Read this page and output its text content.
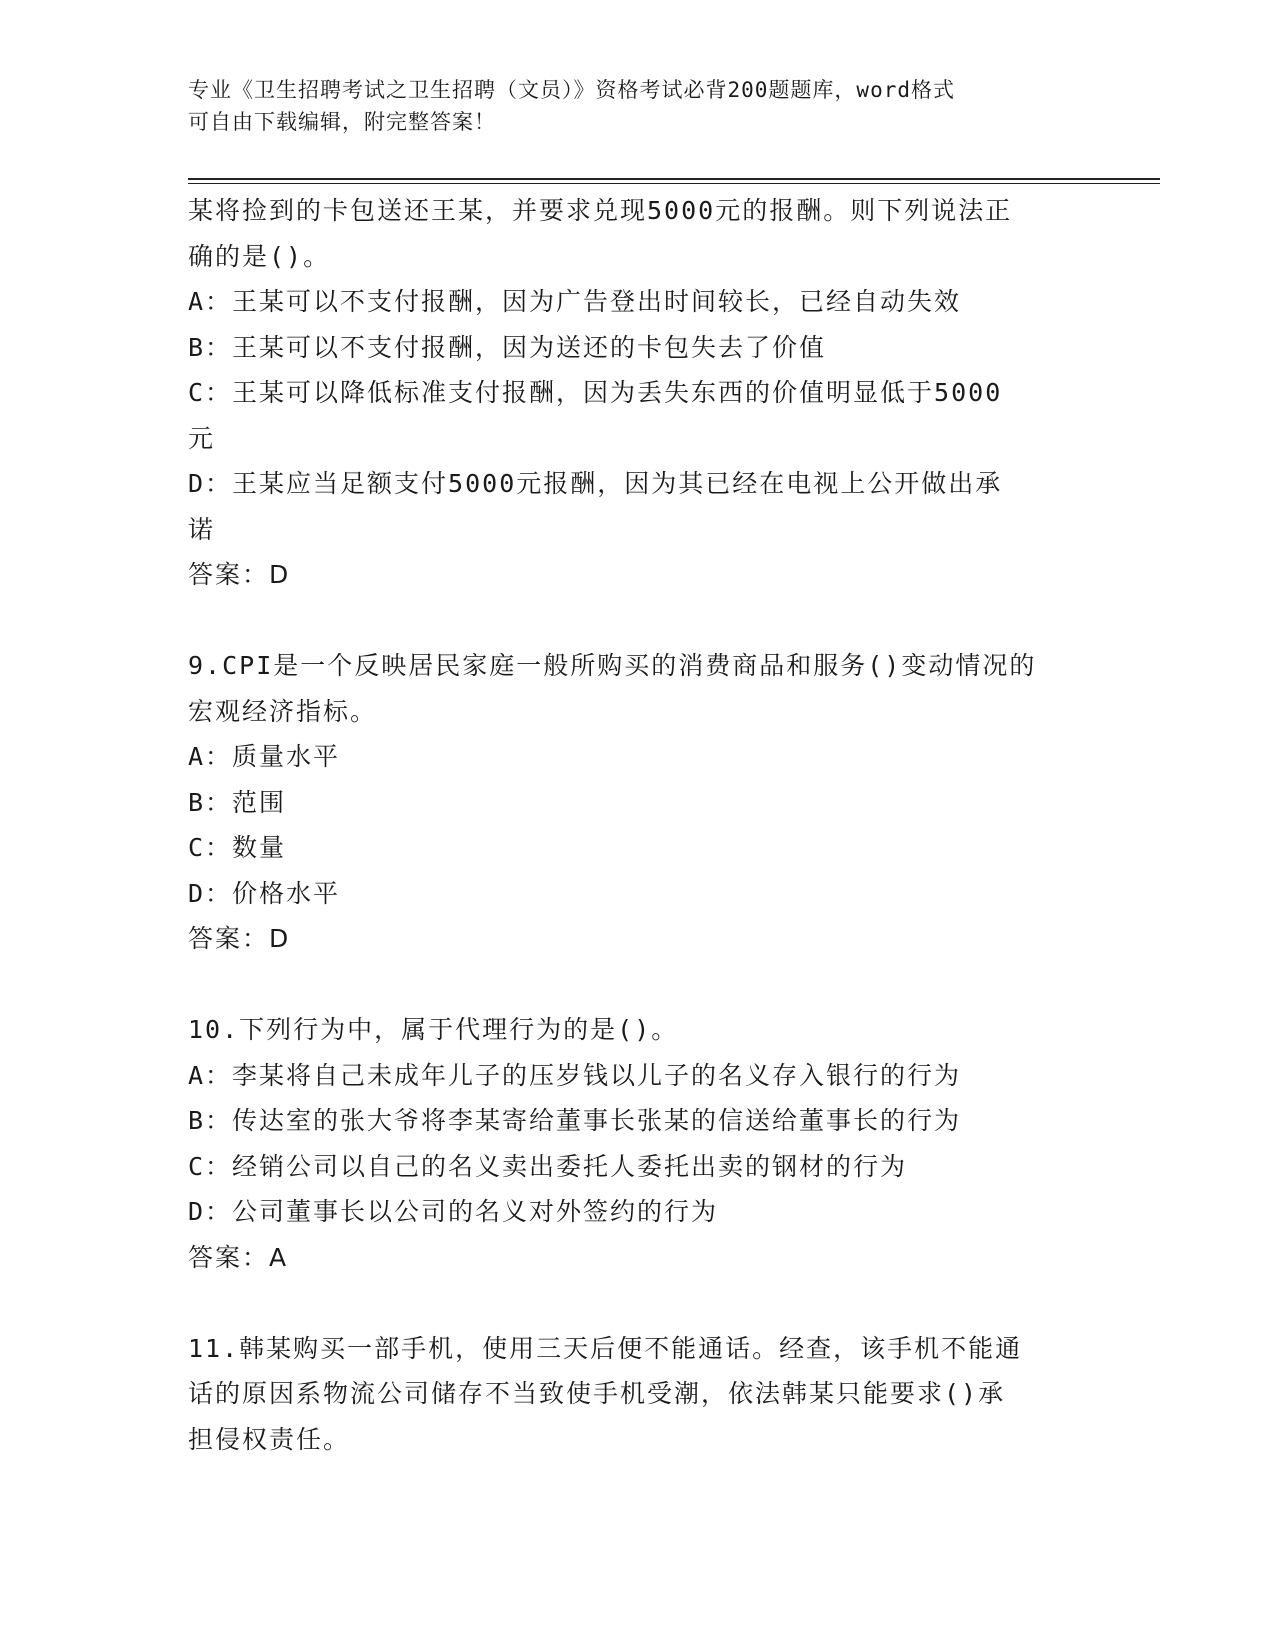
专业《卫生招聘考试之卫生招聘（文员）》资格考试必背200题题库，word格式
可自由下载编辑，附完整答案！
某将捡到的卡包送还王某，并要求兑现5000元的报酬。则下列说法正
确的是()。
A：王某可以不支付报酬，因为广告登出时间较长，已经自动失效
B：王某可以不支付报酬，因为送还的卡包失去了价值
C：王某可以降低标准支付报酬，因为丢失东西的价值明显低于5000
元
D：王某应当足额支付5000元报酬，因为其已经在电视上公开做出承
诺
答案：D
9.CPI是一个反映居民家庭一般所购买的消费商品和服务()变动情况的
宏观经济指标。
A：质量水平
B：范围
C：数量
D：价格水平
答案：D
10.下列行为中，属于代理行为的是()。
A：李某将自己未成年儿子的压岁钱以儿子的名义存入银行的行为
B：传达室的张大爷将李某寄给董事长张某的信送给董事长的行为
C：经销公司以自己的名义卖出委托人委托出卖的钢材的行为
D：公司董事长以公司的名义对外签约的行为
答案：A
11.韩某购买一部手机，使用三天后便不能通话。经查，该手机不能通
话的原因系物流公司储存不当致使手机受潮，依法韩某只能要求()承
担侵权责任。
